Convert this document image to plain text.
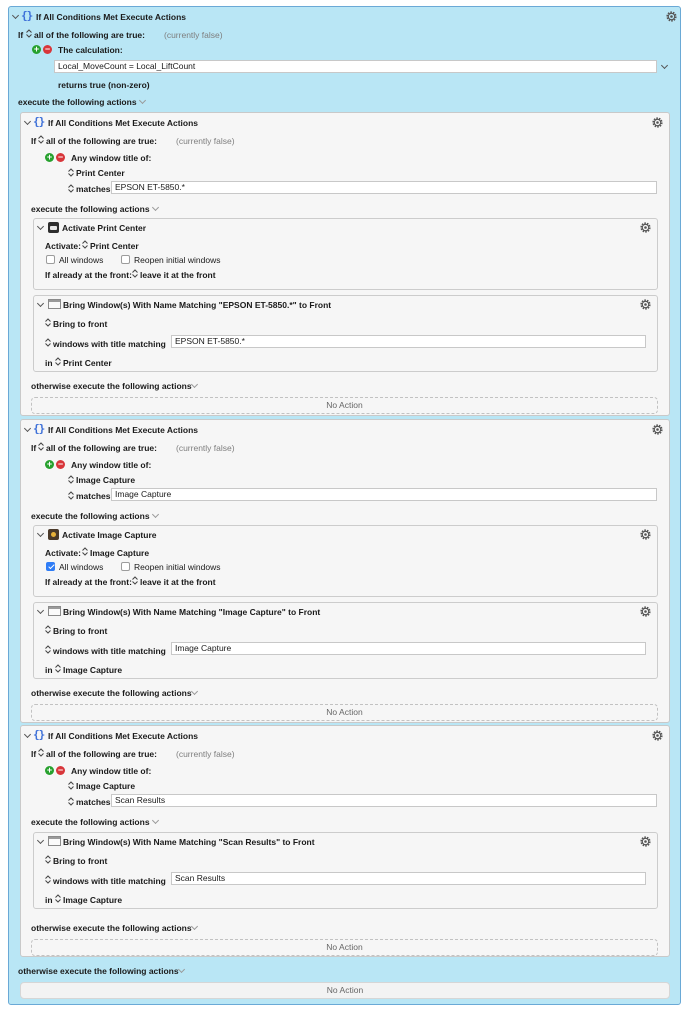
{} If All Conditions Met Execute Actions
If all of the following are true: (currently false)
+ − The calculation:
Local_MoveCount = Local_LiftCount
returns true (non-zero)
execute the following actions
{} If All Conditions Met Execute Actions
If all of the following are true: (currently false)
+ − Any window title of:
Print Center
matches EPSON ET-5850.*
execute the following actions
Activate Print Center
Activate: Print Center
All windows	Reopen initial windows
If already at the front: leave it at the front
Bring Window(s) With Name Matching "EPSON ET-5850.*" to Front
Bring to front
windows with title matching	EPSON ET-5850.*
in Print Center
otherwise execute the following actions
No Action
{} If All Conditions Met Execute Actions
If all of the following are true: (currently false)
+ − Any window title of:
Image Capture
matches Image Capture
execute the following actions
Activate Image Capture
Activate: Image Capture
All windows	Reopen initial windows
If already at the front: leave it at the front
Bring Window(s) With Name Matching "Image Capture" to Front
Bring to front
windows with title matching	Image Capture
in Image Capture
otherwise execute the following actions
No Action
{} If All Conditions Met Execute Actions
If all of the following are true: (currently false)
+ − Any window title of:
Image Capture
matches Scan Results
execute the following actions
Bring Window(s) With Name Matching "Scan Results" to Front
Bring to front
windows with title matching	Scan Results
in Image Capture
otherwise execute the following actions
No Action
otherwise execute the following actions
No Action
